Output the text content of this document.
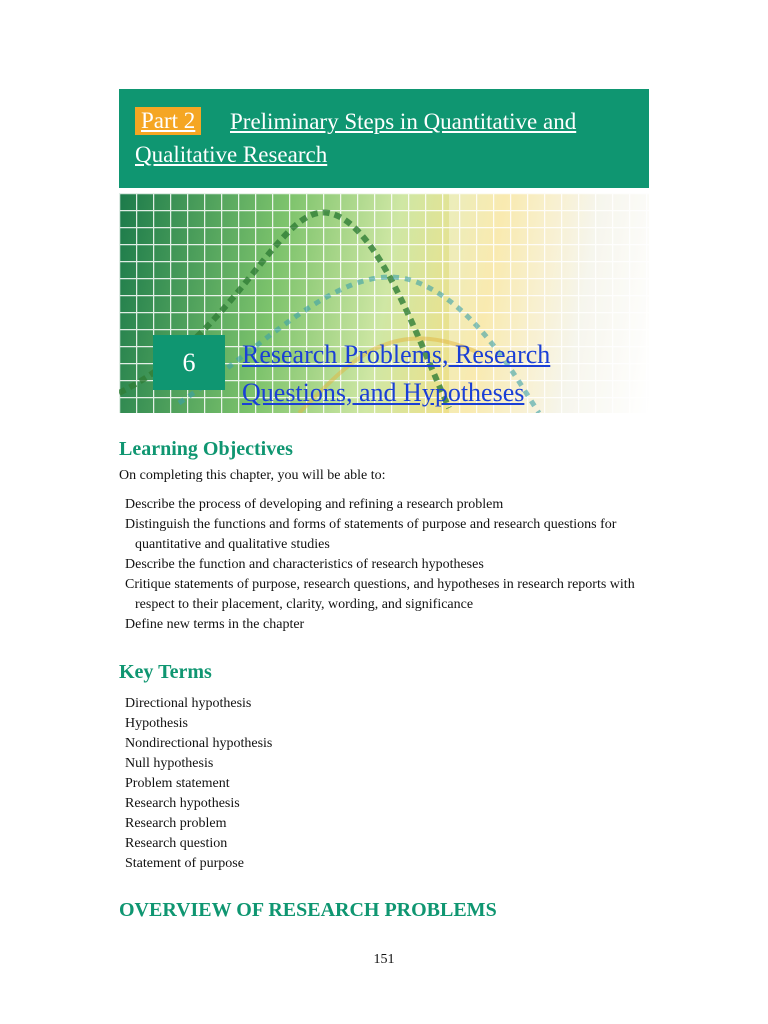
Part 2	Preliminary Steps in Quantitative and Qualitative Research
6	Research Problems, Research Questions, and Hypotheses
Learning Objectives

On completing this chapter, you will be able to:

Describe the process of developing and refining a research problem
Distinguish the functions and forms of statements of purpose and research questions for quantitative and qualitative studies
Describe the function and characteristics of research hypotheses
Critique statements of purpose, research questions, and hypotheses in research reports with respect to their placement, clarity, wording, and significance
Define new terms in the chapter
Key Terms
Directional hypothesis
Hypothesis
Nondirectional hypothesis
Null hypothesis
Problem statement
Research hypothesis
Research problem
Research question
Statement of purpose
OVERVIEW OF RESEARCH PROBLEMS

151
